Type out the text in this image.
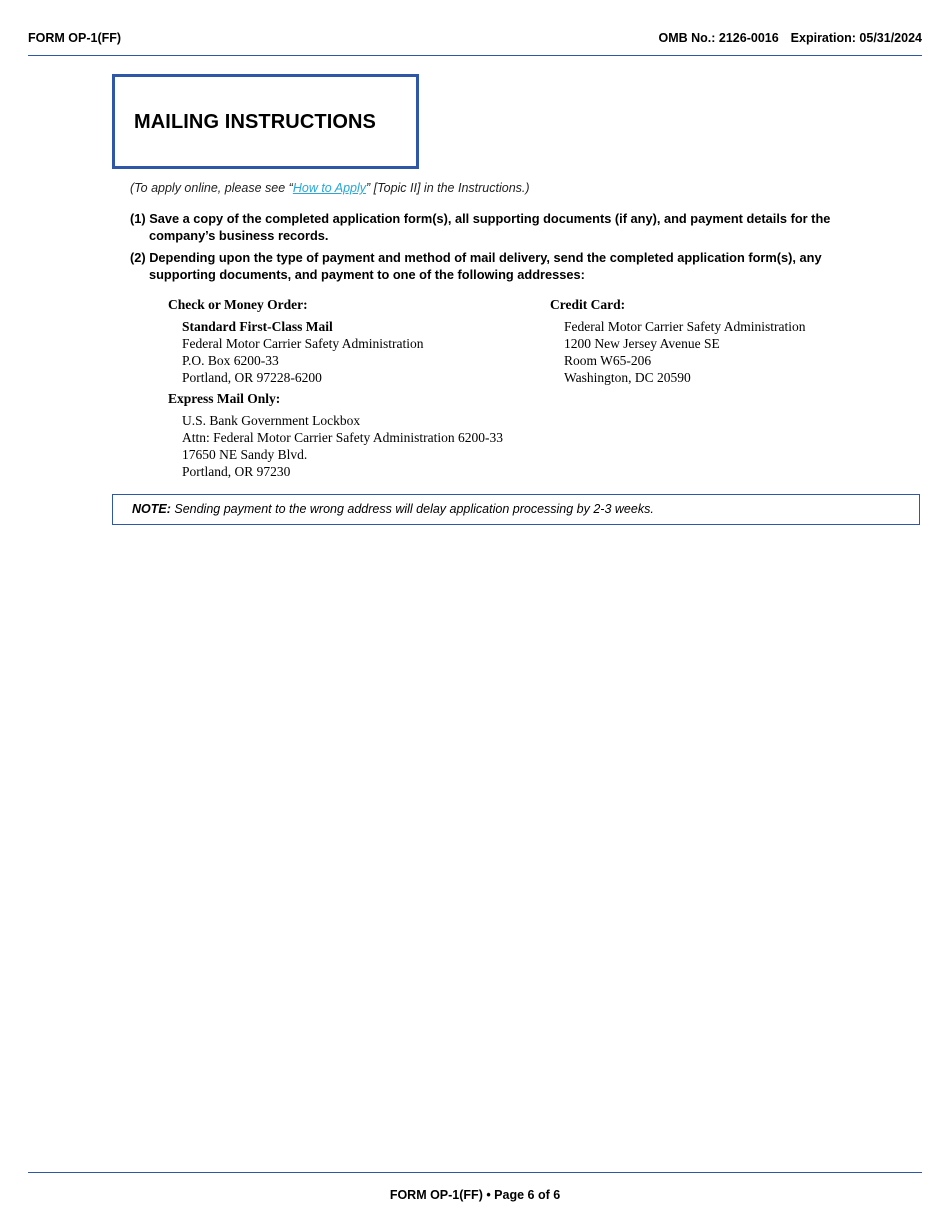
FORM OP-1(FF)	OMB No.: 2126-0016 Expiration: 05/31/2024
MAILING INSTRUCTIONS
(To apply online, please see “How to Apply” [Topic II] in the Instructions.)
(1) Save a copy of the completed application form(s), all supporting documents (if any), and payment details for the company’s business records.
(2) Depending upon the type of payment and method of mail delivery, send the completed application form(s), any supporting documents, and payment to one of the following addresses:
Check or Money Order:
Standard First-Class Mail
Federal Motor Carrier Safety Administration
P.O. Box 6200-33
Portland, OR 97228-6200
Express Mail Only:
U.S. Bank Government Lockbox
Attn: Federal Motor Carrier Safety Administration 6200-33
17650 NE Sandy Blvd.
Portland, OR 97230
Credit Card:
Federal Motor Carrier Safety Administration
1200 New Jersey Avenue SE
Room W65-206
Washington, DC 20590
NOTE: Sending payment to the wrong address will delay application processing by 2-3 weeks.
FORM OP-1(FF) • Page 6 of 6
